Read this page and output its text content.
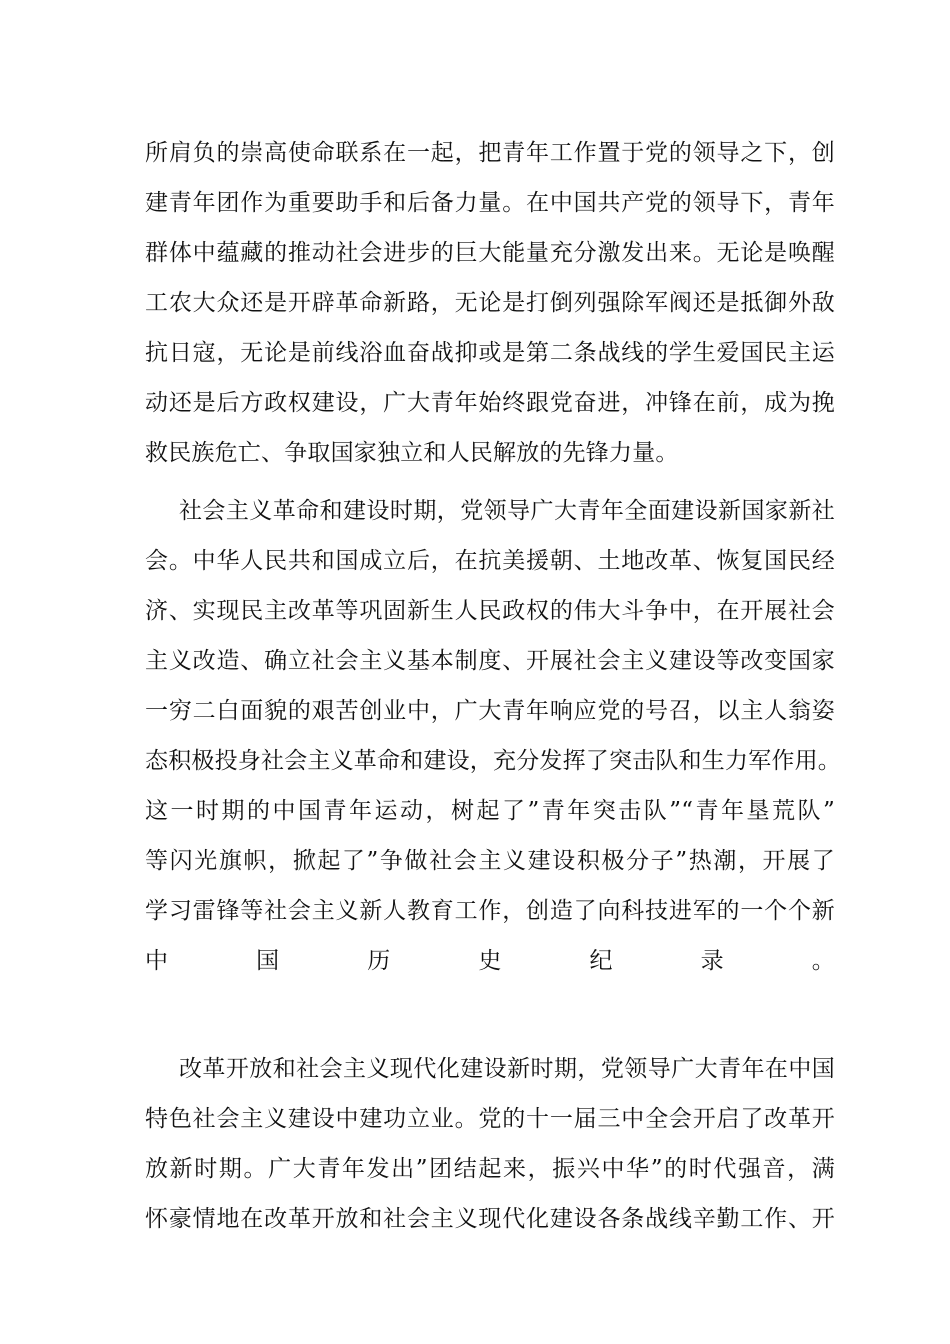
所肩负的崇高使命联系在一起，把青年工作置于党的领导之下，创
建青年团作为重要助手和后备力量。在中国共产党的领导下，青年
群体中蕴藏的推动社会进步的巨大能量充分激发出来。无论是唤醒
工农大众还是开辟革命新路，无论是打倒列强除军阀还是抵御外敌
抗日寇，无论是前线浴血奋战抑或是第二条战线的学生爱国民主运
动还是后方政权建设，广大青年始终跟党奋进，冲锋在前，成为挽
救民族危亡、争取国家独立和人民解放的先锋力量。
社会主义革命和建设时期，党领导广大青年全面建设新国家新社
会。中华人民共和国成立后，在抗美援朝、土地改革、恢复国民经
济、实现民主改革等巩固新生人民政权的伟大斗争中，在开展社会
主义改造、确立社会主义基本制度、开展社会主义建设等改变国家
一穷二白面貌的艰苦创业中，广大青年响应党的号召，以主人翁姿
态积极投身社会主义革命和建设，充分发挥了突击队和生力军作用。
这一时期的中国青年运动，树起了”青年突击队”“青年垦荒队”
等闪光旗帜，掀起了”争做社会主义建设积极分子”热潮，开展了
学习雷锋等社会主义新人教育工作，创造了向科技进军的一个个新
中国历史纪录。
改革开放和社会主义现代化建设新时期，党领导广大青年在中国
特色社会主义建设中建功立业。党的十一届三中全会开启了改革开
放新时期。广大青年发出”团结起来，振兴中华”的时代强音，满
怀豪情地在改革开放和社会主义现代化建设各条战线辛勤工作、开
